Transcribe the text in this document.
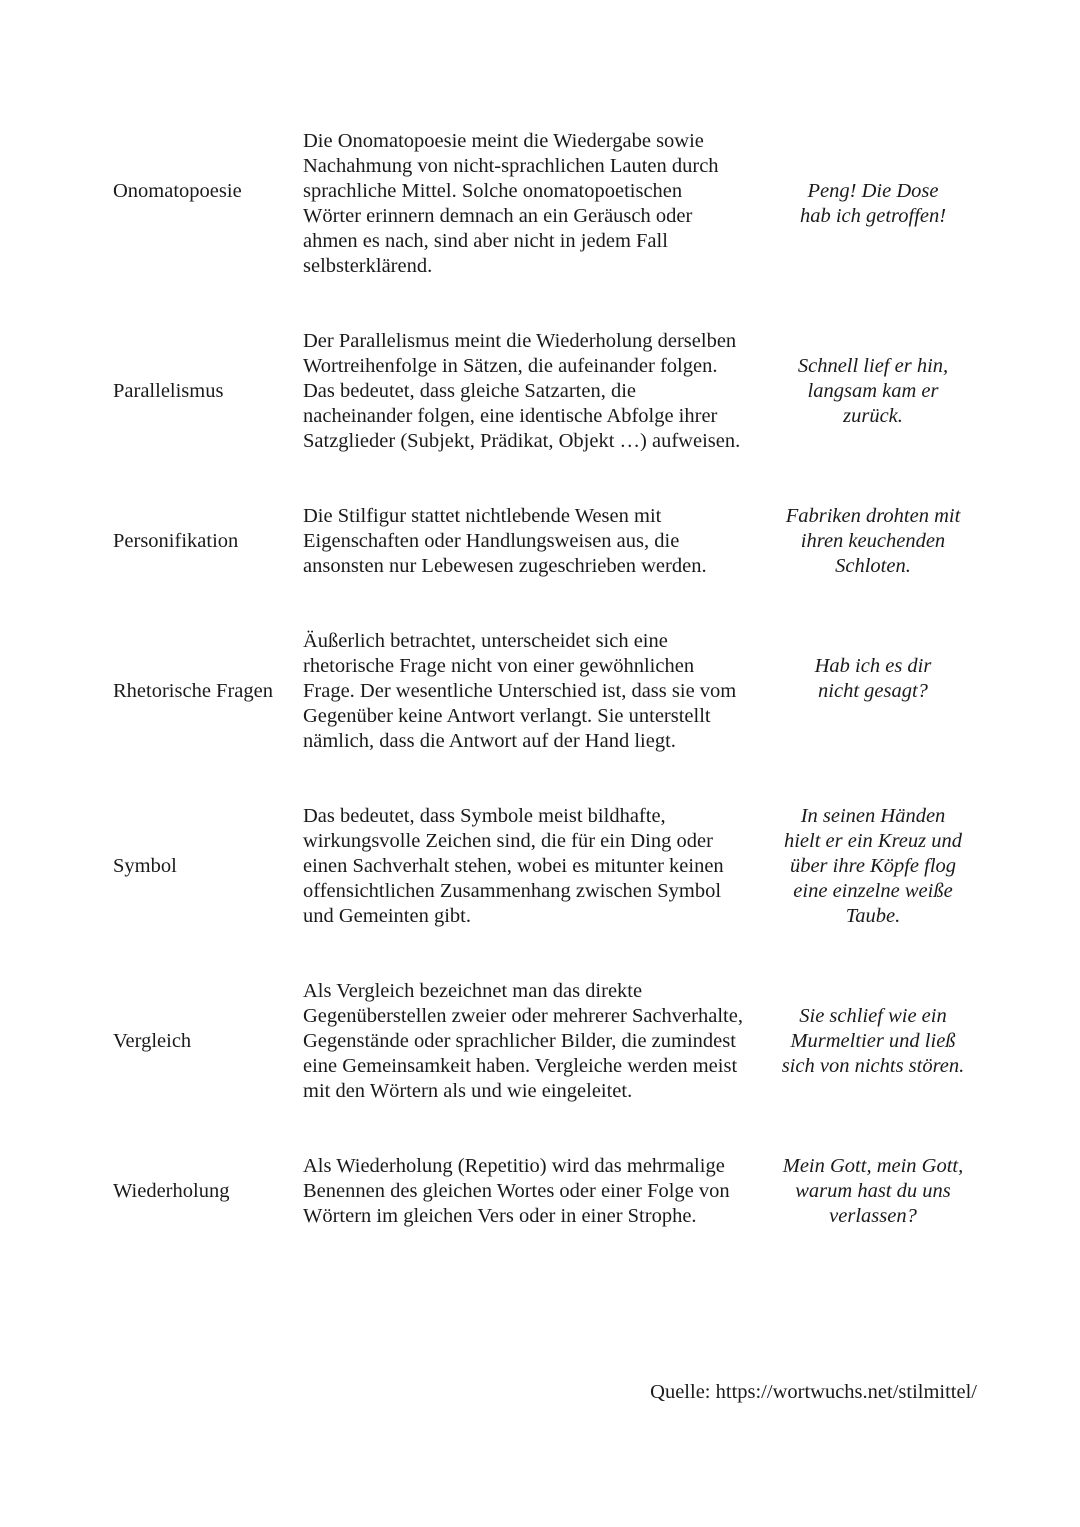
Onomatopoesie
Die Onomatopoesie meint die Wiedergabe sowie
Nachahmung von nicht-sprachlichen Lauten durch
sprachliche Mittel. Solche onomatopoetischen
Wörter erinnern demnach an ein Geräusch oder
ahmen es nach, sind aber nicht in jedem Fall
selbsterklärend.
Peng! Die Dose
hab ich getroffen!
Parallelismus
Der Parallelismus meint die Wiederholung derselben
Wortreihenfolge in Sätzen, die aufeinander folgen.
Das bedeutet, dass gleiche Satzarten, die
nacheinander folgen, eine identische Abfolge ihrer
Satzglieder (Subjekt, Prädikat, Objekt …) aufweisen.
Schnell lief er hin,
langsam kam er
zurück.
Personifikation
Die Stilfigur stattet nichtlebende Wesen mit
Eigenschaften oder Handlungsweisen aus, die
ansonsten nur Lebewesen zugeschrieben werden.
Fabriken drohten mit
ihren keuchenden
Schloten.
Rhetorische Fragen
Äußerlich betrachtet, unterscheidet sich eine
rhetorische Frage nicht von einer gewöhnlichen
Frage. Der wesentliche Unterschied ist, dass sie vom
Gegenüber keine Antwort verlangt. Sie unterstellt
nämlich, dass die Antwort auf der Hand liegt.
Hab ich es dir
nicht gesagt?
Symbol
Das bedeutet, dass Symbole meist bildhafte,
wirkungsvolle Zeichen sind, die für ein Ding oder
einen Sachverhalt stehen, wobei es mitunter keinen
offensichtlichen Zusammenhang zwischen Symbol
und Gemeinten gibt.
In seinen Händen
hielt er ein Kreuz und
über ihre Köpfe flog
eine einzelne weiße
Taube.
Vergleich
Als Vergleich bezeichnet man das direkte
Gegenüberstellen zweier oder mehrerer Sachverhalte,
Gegenstände oder sprachlicher Bilder, die zumindest
eine Gemeinsamkeit haben. Vergleiche werden meist
mit den Wörtern als und wie eingeleitet.
Sie schlief wie ein
Murmeltier und ließ
sich von nichts stören.
Wiederholung
Als Wiederholung (Repetitio) wird das mehrmalige
Benennen des gleichen Wortes oder einer Folge von
Wörtern im gleichen Vers oder in einer Strophe.
Mein Gott, mein Gott,
warum hast du uns
verlassen?
Quelle: https://wortwuchs.net/stilmittel/
